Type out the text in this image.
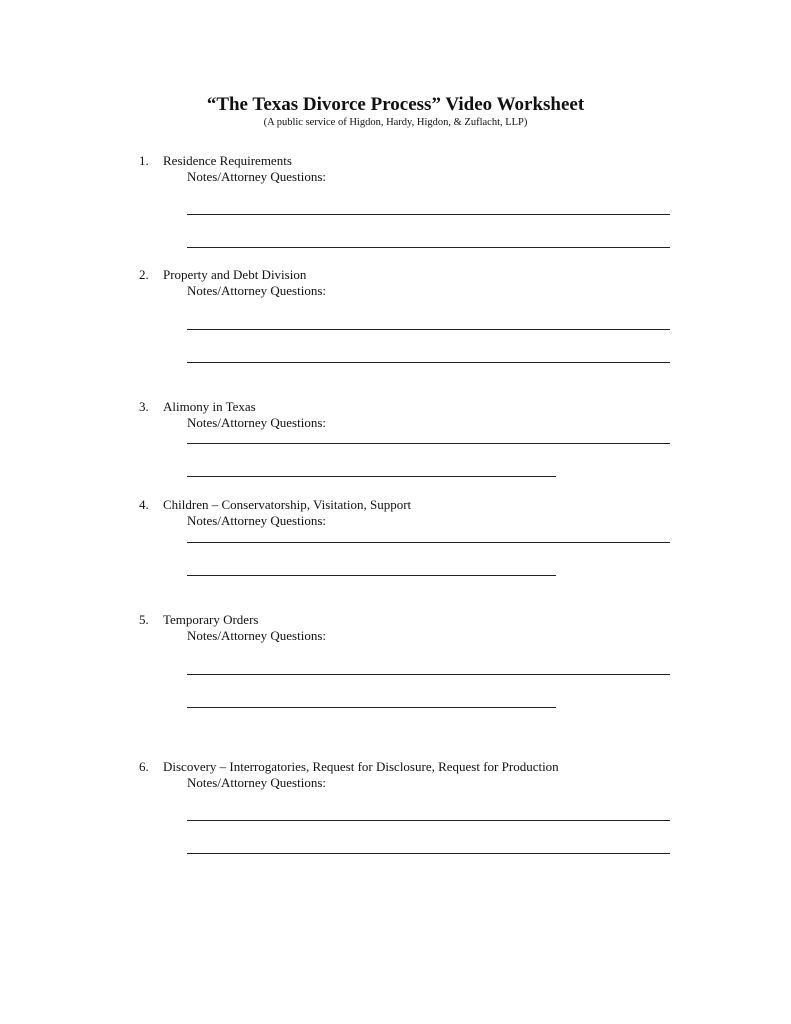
“The Texas Divorce Process” Video Worksheet
(A public service of Higdon, Hardy, Higdon, & Zuflacht, LLP)
1. Residence Requirements
Notes/Attorney Questions:
2. Property and Debt Division
Notes/Attorney Questions:
3. Alimony in Texas
Notes/Attorney Questions:
4. Children – Conservatorship, Visitation, Support
Notes/Attorney Questions:
5. Temporary Orders
Notes/Attorney Questions:
6. Discovery – Interrogatories, Request for Disclosure, Request for Production
Notes/Attorney Questions:
